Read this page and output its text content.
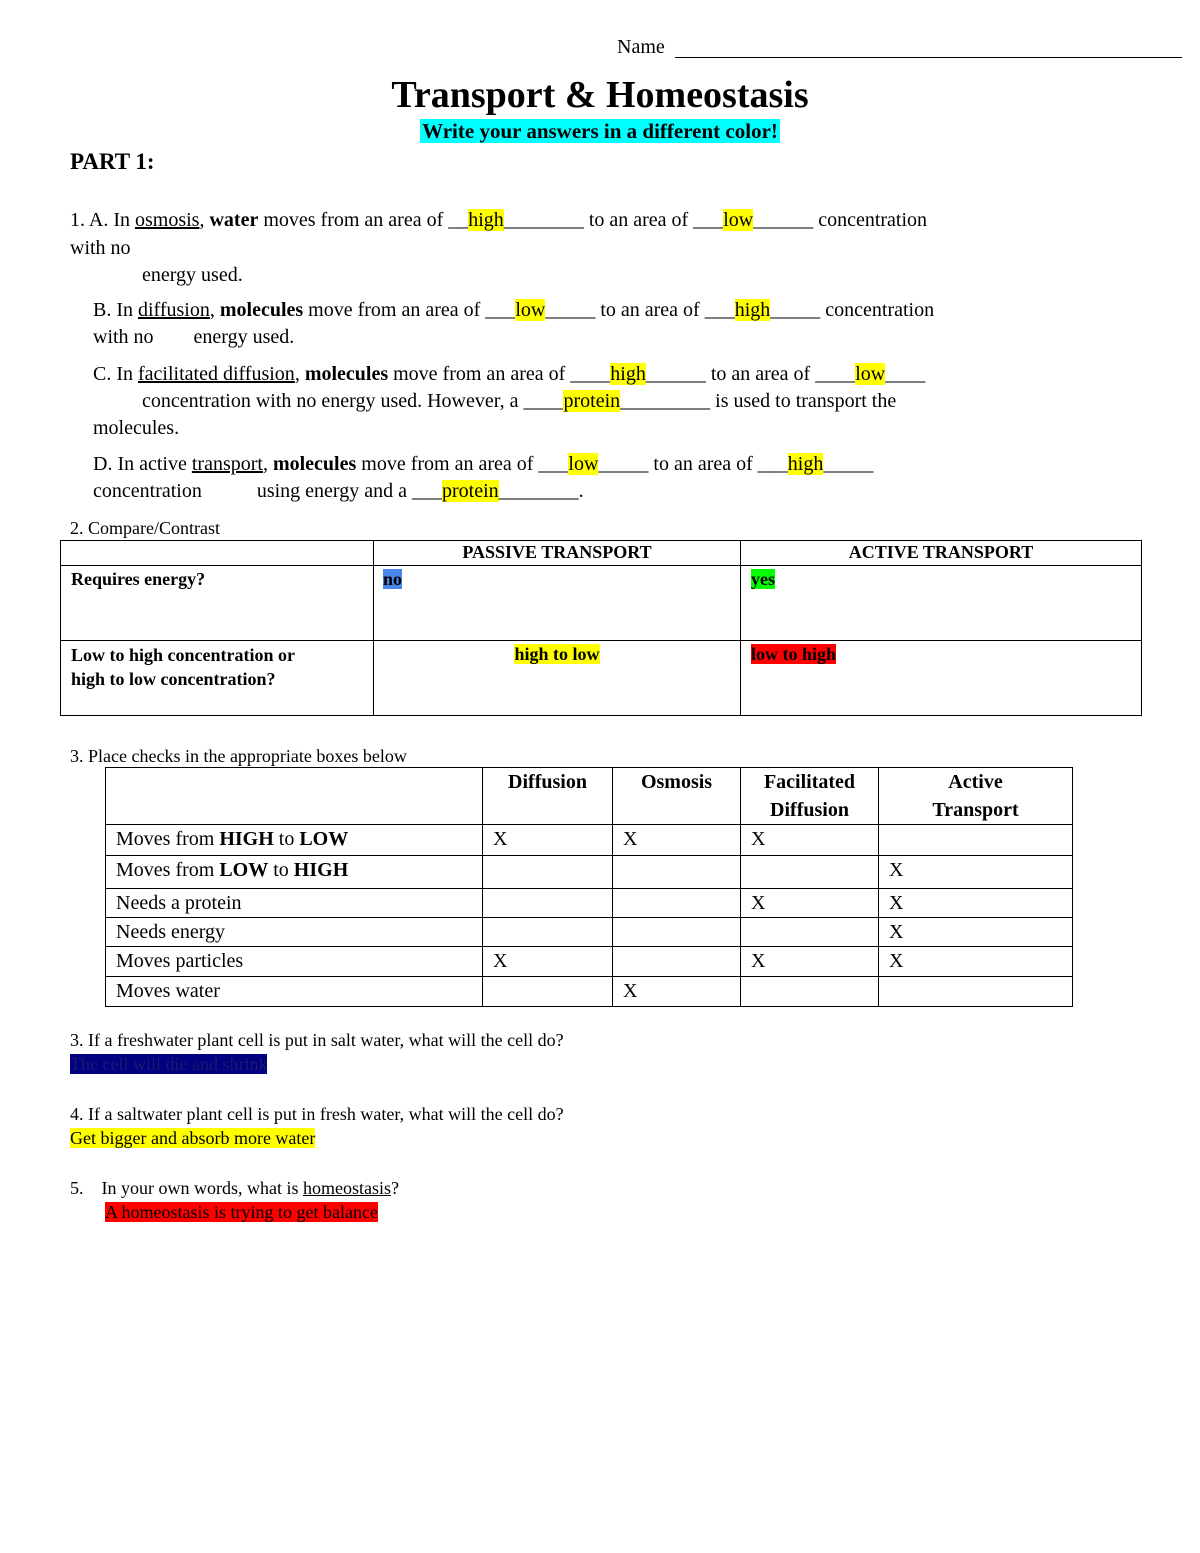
Name
Transport & Homeostasis
Write your answers in a different color!
PART 1:
1. A. In osmosis, water moves from an area of __high________ to an area of ___low______ concentration
with no
energy used.
B. In diffusion, molecules move from an area of ___low_____ to an area of ___high_____ concentration
with no        energy used.
C. In facilitated diffusion, molecules move from an area of ____high______ to an area of ____low____
concentration with no energy used. However, a ____protein_________ is used to transport the
molecules.
D. In active transport, molecules move from an area of ___low_____ to an area of ___high_____
concentration           using energy and a ___protein________.
2. Compare/Contrast
	PASSIVE TRANSPORT	ACTIVE TRANSPORT
Requires energy?	no	yes

Low to high concentration or
high to low concentration?	high to low	low to high
3. Place checks in the appropriate boxes below
	Diffusion	Osmosis	Facilitated Diffusion	Active Transport

Moves from HIGH to LOW	X	X	X	
Moves from LOW to HIGH				X
Needs a protein			X	X
Needs energy				X
Moves particles	X		X	X
Moves water		X		
3. If a freshwater plant cell is put in salt water, what will the cell do?
The cell will die and shrink
4. If a saltwater plant cell is put in fresh water, what will the cell do?
Get bigger and absorb more water
5. In your own words, what is homeostasis?
A homeostasis is trying to get balance
